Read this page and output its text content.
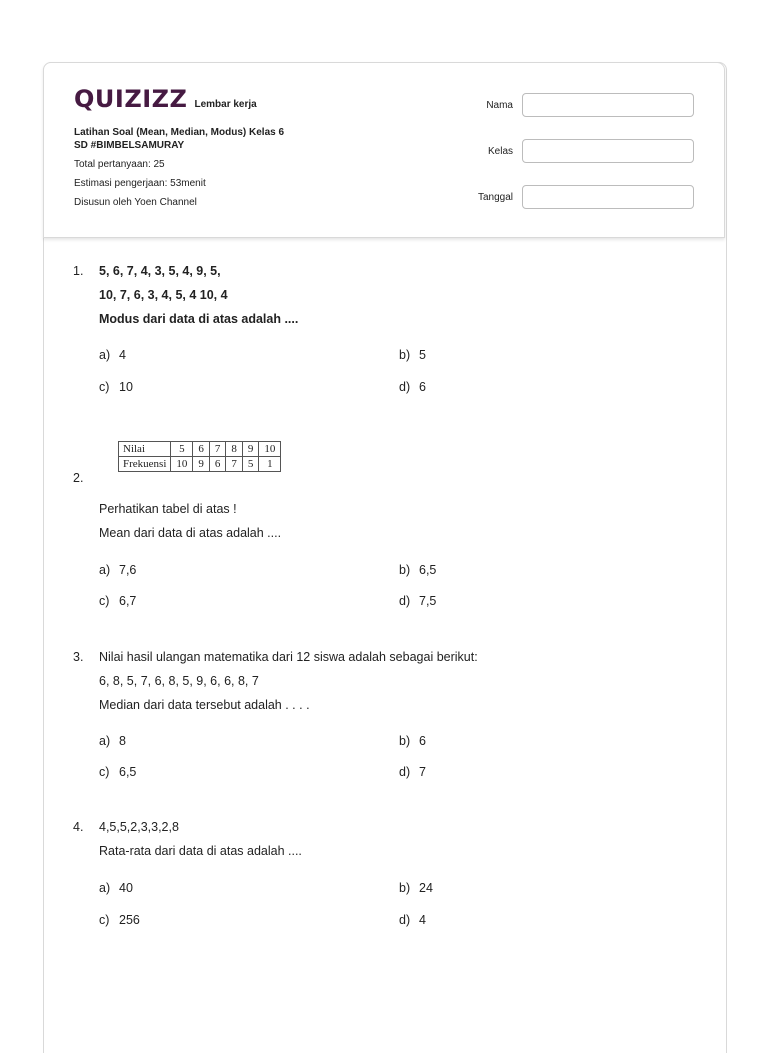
QUIZIZZ Lembar kerja
Latihan Soal (Mean, Median, Modus) Kelas 6
SD #BIMBELSAMURAY
Total pertanyaan: 25
Estimasi pengerjaan: 53menit
Disusun oleh Yoen Channel
Nama
Kelas
Tanggal
1.	5, 6, 7, 4, 3, 5, 4, 9, 5,
10, 7, 6, 3, 4, 5, 4 10, 4
Modus dari data di atas adalah ....
a) 4	b) 5
c) 10	d) 6
Nilai	5	6	7	8	9	10
Frekuensi	10	9	6	7	5	1
2.
Perhatikan tabel di atas !
Mean dari data di atas adalah ....
a) 7,6	b) 6,5
c) 6,7	d) 7,5
3.	Nilai hasil ulangan matematika dari 12 siswa adalah sebagai berikut:
6, 8, 5, 7, 6, 8, 5, 9, 6, 6, 8, 7
Median dari data tersebut adalah . . . .
a) 8	b) 6
c) 6,5	d) 7
4.	4,5,5,2,3,3,2,8
Rata-rata dari data di atas adalah ....
a) 40	b) 24
c) 256	d) 4
